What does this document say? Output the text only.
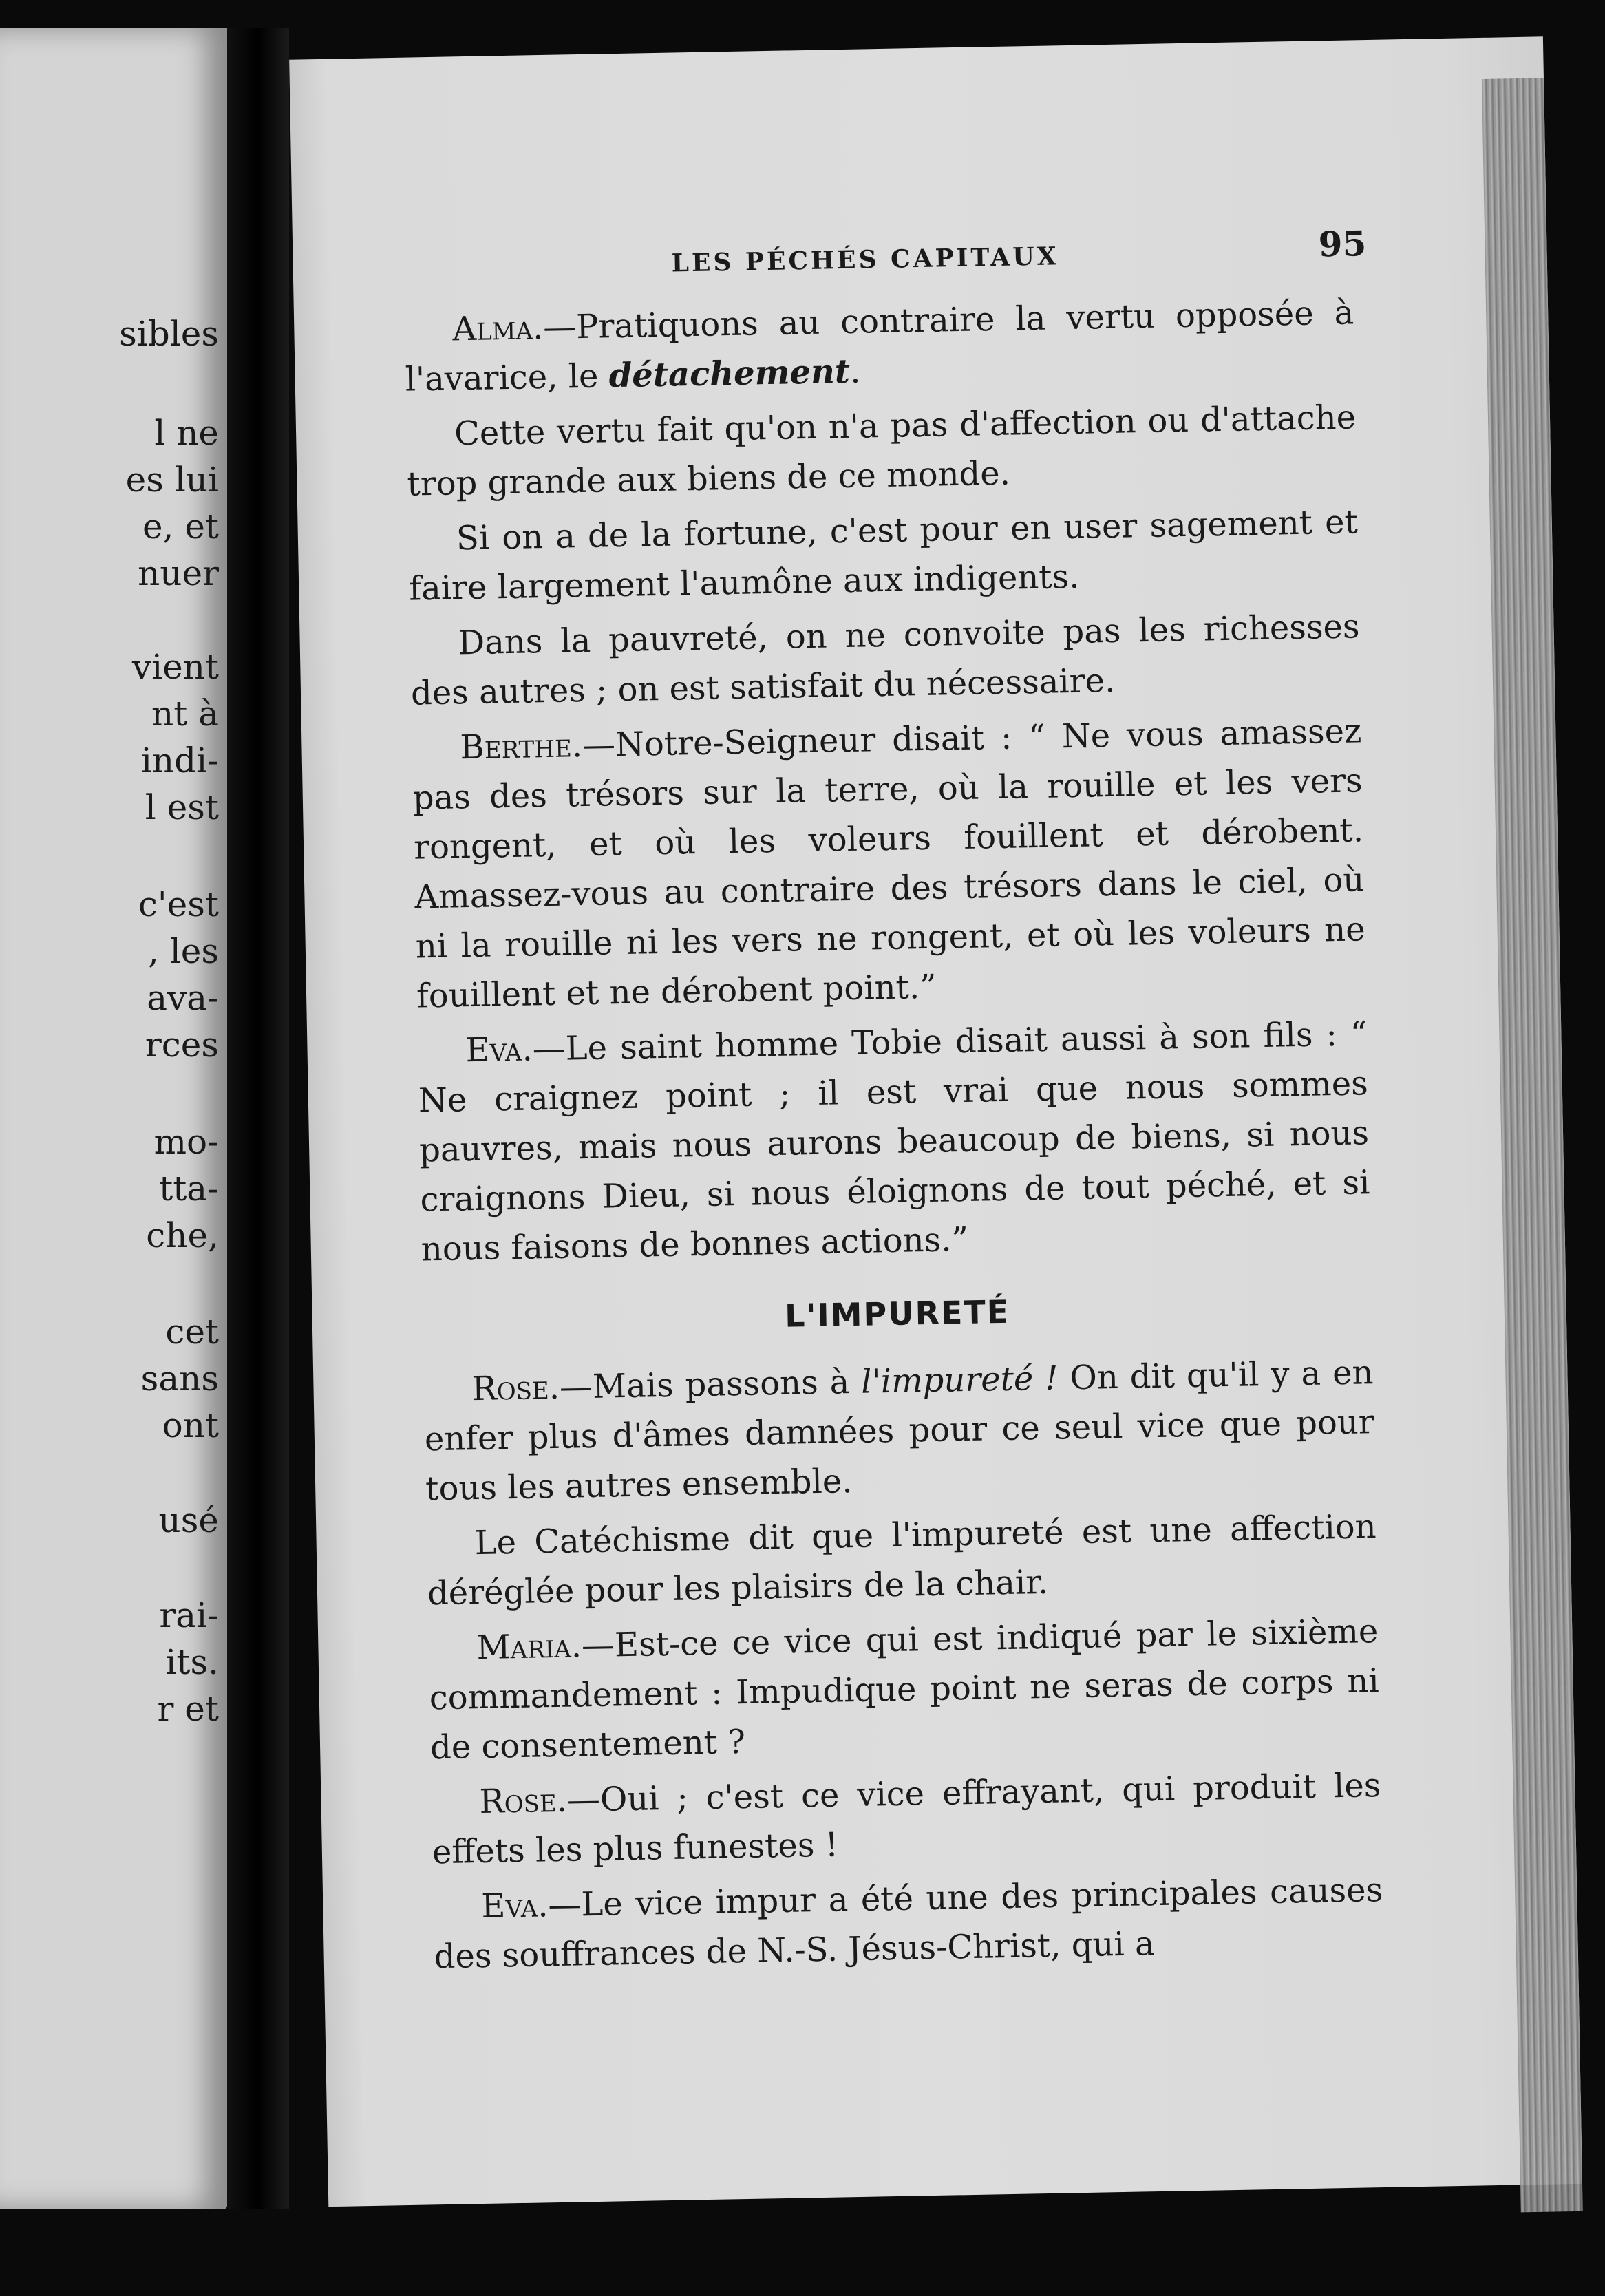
sibles
l ne
es lui
e, et
nuer
vient
nt à
indi-
l est
c'est
, les
ava-
rces
mo-
tta-
che,
cet
sans
ont
usé
rai-
its.
r et
LES PÉCHÉS CAPITAUX	95

Alma.—Pratiquons au contraire la vertu opposée à l'avarice, le détachement.

Cette vertu fait qu'on n'a pas d'affection ou d'attache trop grande aux biens de ce monde.

Si on a de la fortune, c'est pour en user sagement et faire largement l'aumône aux indigents.

Dans la pauvreté, on ne convoite pas les richesses des autres ; on est satisfait du nécessaire.

Berthe.—Notre-Seigneur disait : “ Ne vous amassez pas des trésors sur la terre, où la rouille et les vers rongent, et où les voleurs fouillent et dérobent. Amassez-vous au contraire des trésors dans le ciel, où ni la rouille ni les vers ne rongent, et où les voleurs ne fouillent et ne dérobent point.”

Eva.—Le saint homme Tobie disait aussi à son fils : “ Ne craignez point ; il est vrai que nous sommes pauvres, mais nous aurons beaucoup de biens, si nous craignons Dieu, si nous éloignons de tout péché, et si nous faisons de bonnes actions.”

L'IMPURETÉ

Rose.—Mais passons à l'impureté ! On dit qu'il y a en enfer plus d'âmes damnées pour ce seul vice que pour tous les autres ensemble.

Le Catéchisme dit que l'impureté est une affection déréglée pour les plaisirs de la chair.

Maria.—Est-ce ce vice qui est indiqué par le sixième commandement : Impudique point ne seras de corps ni de consentement ?

Rose.—Oui ; c'est ce vice effrayant, qui produit les effets les plus funestes !

Eva.—Le vice impur a été une des principales causes des souffrances de N.-S. Jésus-Christ, qui a
